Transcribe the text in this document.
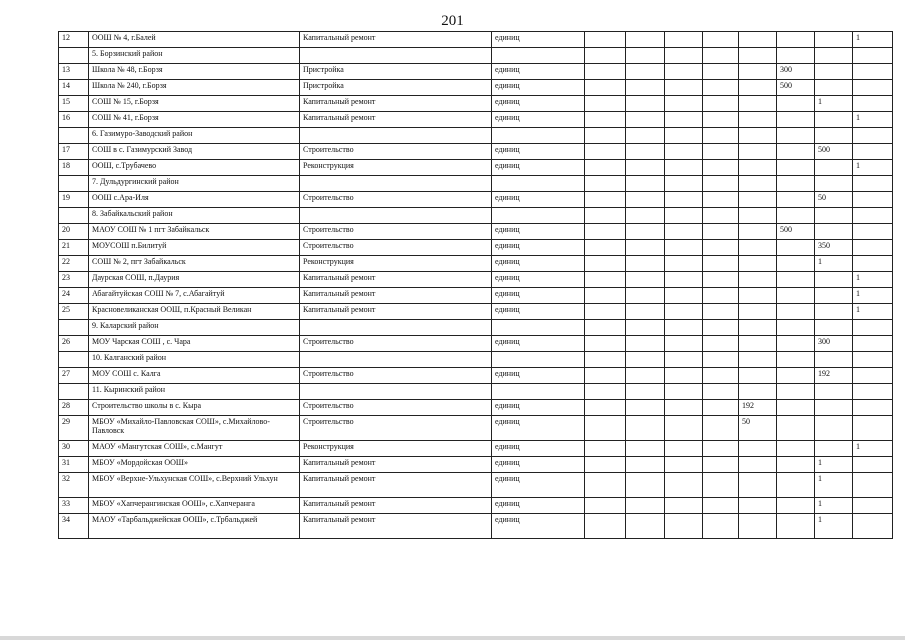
201
12	ООШ № 4, г.Балей	Капитальный ремонт	единиц								1
	5. Борзинский район										
13	Школа № 48, г.Борзя	Пристройка	единиц						300		
14	Школа № 240, г.Борзя	Пристройка	единиц						500		
15	СОШ № 15, г.Борзя	Капитальный ремонт	единиц							1	
16	СОШ № 41, г.Борзя	Капитальный ремонт	единиц								1
	6. Газимуро-Заводский район										
17	СОШ в с. Газимурский Завод	Строительство	единиц							500	
18	ООШ, с.Трубачево	Реконструкция	единиц								1
	7. Дульдургинский район										
19	ООШ с.Ара-Иля	Строительство	единиц							50	
	8. Забайкальский район										
20	МАОУ СОШ № 1 пгт Забайкальск	Строительство	единиц						500		
21	МОУСОШ п.Билитуй	Строительство	единиц							350	
22	СОШ № 2, пгт Забайкальск	Реконструкция	единиц							1	
23	Даурская СОШ, п.Даурия	Капитальный ремонт	единиц								1
24	Абагайтуйская СОШ № 7, с.Абагайтуй	Капитальный ремонт	единиц								1
25	Красновеликанская ООШ, п.Красный Великан	Капитальный ремонт	единиц								1
	9. Каларский район										
26	МОУ Чарская СОШ , с. Чара	Строительство	единиц							300	
	10. Калганский район										
27	МОУ СОШ с. Калга	Строительство	единиц							192	
	11. Кыринский район										
28	Строительство школы в с. Кыра	Строительство	единиц					192			
29	МБОУ «Михайло-Павловская СОШ», с.Михайлово-Павловск	Строительство	единиц					50			
30	МАОУ «Мангутская СОШ», с.Мангут	Реконструкция	единиц								1
31	МБОУ «Мордойская ООШ»	Капитальный ремонт	единиц							1	
32	МБОУ «Верхне-Ульхунская СОШ», с.Верхний Ульхун	Капитальный ремонт	единиц							1	
33	МБОУ «Хапчерангинская ООШ», с.Хапчеранга	Капитальный ремонт	единиц							1	
34	МАОУ «Тарбальджейская ООШ», с.Трбальджей	Капитальный ремонт	единиц							1	
